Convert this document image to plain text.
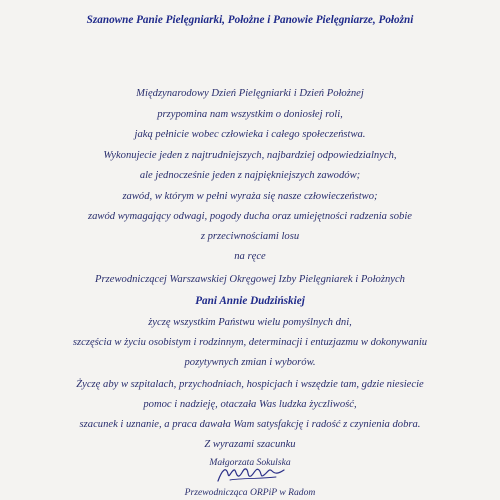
Szanowne Panie Pielęgniarki, Położne i Panowie Pielęgniarze, Położni
Międzynarodowy Dzień Pielęgniarki i Dzień Położnej
przypomina nam wszystkim o doniosłej roli,
jaką pełnicie wobec człowieka i całego społeczeństwa.
Wykonujecie jeden z najtrudniejszych, najbardziej odpowiedzialnych,
ale jednocześnie jeden z najpiękniejszych zawodów;
zawód, w którym w pełni wyraża się nasze człowieczeństwo;
zawód wymagający odwagi, pogody ducha oraz umiejętności radzenia sobie
z przeciwnościami losu
na ręce
Przewodniczącej Warszawskiej Okręgowej Izby Pielęgniarek i Położnych
Pani Annie Dudzińskiej
życzę wszystkim Państwu wielu pomyślnych dni,
szczęścia w życiu osobistym i rodzinnym, determinacji i entuzjazmu w dokonywaniu
pozytywnych zmian i wyborów.
Życzę aby w szpitalach, przychodniach, hospicjach i wszędzie tam, gdzie niesiecie
pomoc i nadzieję, otaczała Was ludzka życzliwość,
szacunek i uznanie, a praca dawała Wam satysfakcję i radość z czynienia dobra.
Z wyrazami szacunku
Małgorzata Sokulska
Przewodnicząca ORPiP w Radom
